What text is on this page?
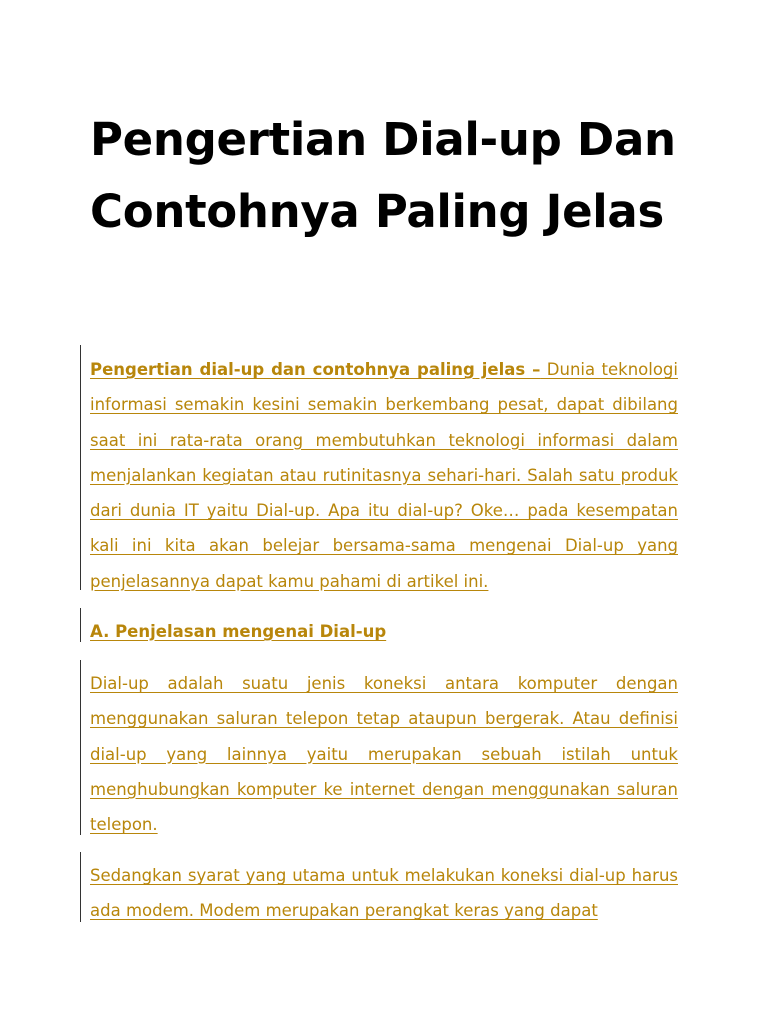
Pengertian Dial-up Dan Contohnya Paling Jelas

Pengertian dial-up dan contohnya paling jelas – Dunia teknologi informasi semakin kesini semakin berkembang pesat, dapat dibilang saat ini rata-rata orang membutuhkan teknologi informasi dalam menjalankan kegiatan atau rutinitasnya sehari-hari. Salah satu produk dari dunia IT yaitu Dial-up. Apa itu dial-up? Oke… pada kesempatan kali ini kita akan belejar bersama-sama mengenai Dial-up yang penjelasannya dapat kamu pahami di artikel ini.

A. Penjelasan mengenai Dial-up

Dial-up adalah suatu jenis koneksi antara komputer dengan menggunakan saluran telepon tetap ataupun bergerak. Atau definisi dial-up yang lainnya yaitu merupakan sebuah istilah untuk menghubungkan komputer ke internet dengan menggunakan saluran telepon.

Sedangkan syarat yang utama untuk melakukan koneksi dial-up harus ada modem. Modem merupakan perangkat keras yang dapat
